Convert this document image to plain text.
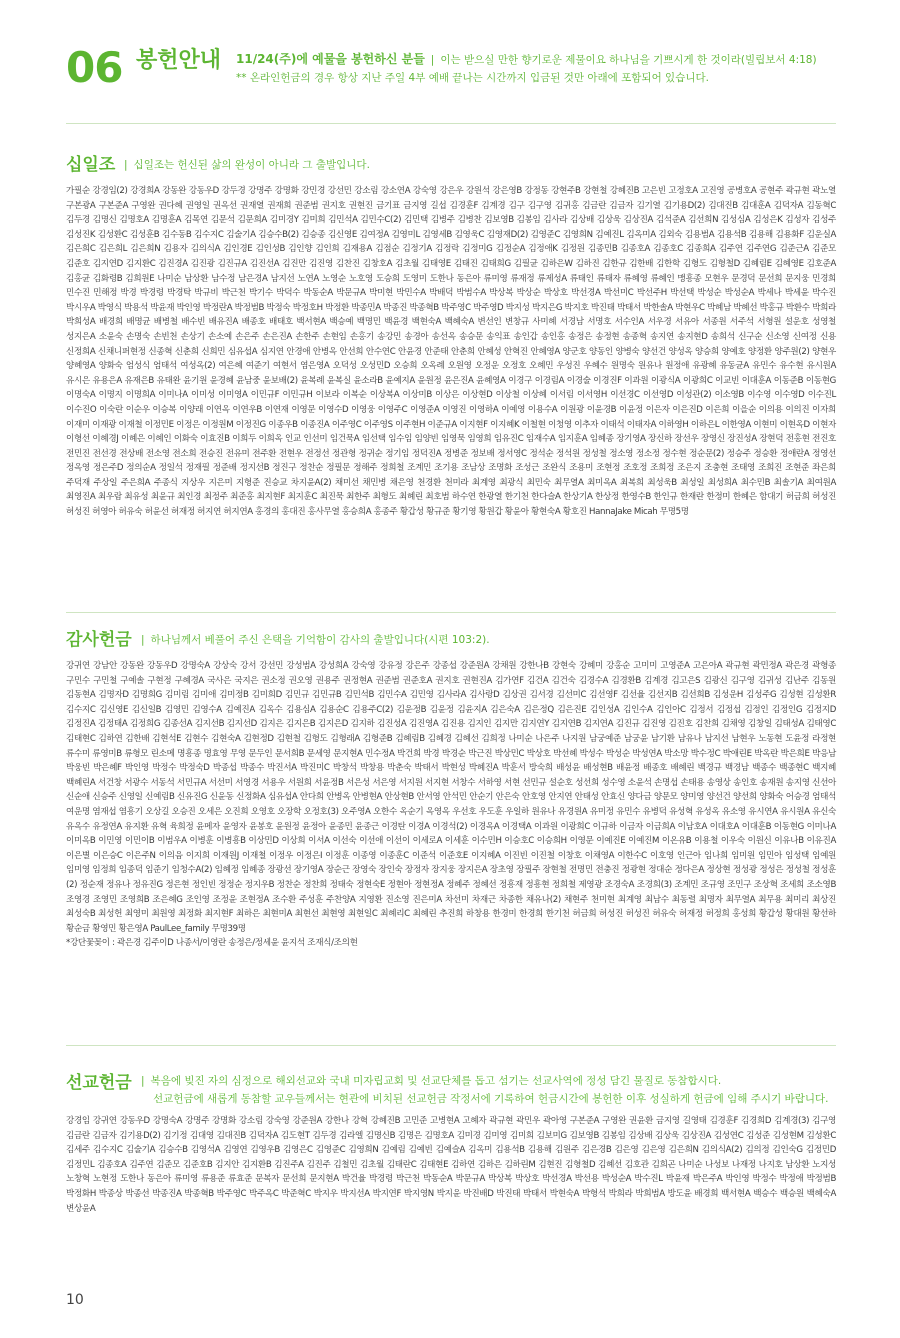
06 봉헌안내 11/24(주)에 예물을 봉헌하신 분들 | 이는 받으실 만한 향기로운 제물이요 하나님을 기쁘시게 한 것이라(빌립보서 4:18)
** 온라인헌금의 경우 항상 지난 주일 4부 예배 끝나는 시간까지 입금된 것만 아래에 포함되어 있습니다.
십일조 | 십일조는 헌신된 삶의 완성이 아니라 그 출발입니다.
가필순 강경임(2) 강경희A 강동완 강동우D 강두경 강명주 강명화 강민경 강선민 강소림 강소연A 강숙영 강은우 강원석 강은영B 강정동 강현주B 강현철 강혜진B 고은빈 고정호A 고진영 공병호A 공현주 곽규현 곽노열 구본광A 구본준A 구영완 권다혜 권영일 권옥선 권재열 권재희 권준범 권지호 권현진 금기표 금지영 길섭 김경훈F 김계경 김구 김구영 김귀홍 김금란 김금자 김기열 김기용D(2) 김대진B 김대훈A 김덕자A 김동혁C 김두경 김명신 김명호A 김명훈A 김목연 김문석 김문희A 김미경Y 김미희 김민석A 김민수C(2) 김민택 김병주 김병찬 김보영B 김봉임 김사라 김상배 김상욱 김상진A 김석준A 김선희N 김성심A 김성은K 김성자 김성주 김성진K 김성환C 김성훈B 김수동B 김수지C 김술기A 김승수B(2) 김승종 김신영E 김여정A 김영미L 김영세B 김영욱C 김영재D(2) 김영준C 김영희N 김예진L 김옥미A 김외숙 김용범A 김용석B 김용해 김용화F 김운실A 김은희C 김은희L 김은희N 김용자 김의식A 김인경E 김인성B 김인향 김인희 김재용A 김점순 김정기A 김정락 김정미G 김정순A 김정애K 김정원 김종민B 김종호A 김종호C 김종희A 김주연 김주연G 김준근A 김준모 김준호 김지연D 김지환C 김진경A 김진광 김진규A 김진선A 김진만 김진영 김찬진 김창호A 김초월 김태영E 김태진 김태희G 김필균 김하은W 김하진 김한규 김한배 김한학 김형도 김형철D 김혜림E 김혜영E 김호준A 김홍균 김화령B 김희원E 나미순 남상환 남수정 남은경A 남지선 노연A 노영순 노호영 도승희 도영미 도한나 동은아 류미영 류재정 류제성A 류태인 류태자 류혜영 류혜인 맹흥종 모현우 문경덕 문선희 문지웅 민경희 민수진 민해정 박경 박경령 박경탁 박규비 박근천 박기수 박덕수 박동순A 박문규A 박미현 박민수A 박배덕 박범수A 박상복 박상순 박상호 박선경A 박선미C 박선주H 박선택 박성순 박성순A 박세나 박세윤 박수진 박시우A 박영식 박용석 박윤재 박인영 박정란A 박정범B 박정숙 박정호H 박정환 박종민A 박종진 박종혁B 박주영C 박주영D 박지성 박지은G 박지호 박진태 박태서 박한솔A 박현우C 박혜남 박혜선 박홍규 박환수 박희라 박희성A 배경희 배명균 배병철 배수빈 배유진A 배종호 배태호 백서현A 백승예 백명민 백윤경 백현숙A 백혜숙A 변선인 변창규 사미혜 서경남 서명호 서수인A 서우경 서유아 서종원 서주석 서형원 설운호 성영철 성지은A 소윤숙 손명숙 손빈천 손상기 손소예 손은주 손은진A 손한주 손현임 손홍기 송강민 송경아 송선옥 송승문 송익표 송인갑 송인홍 송정은 송정현 송종혁 송지연 송지현D 송희석 신구순 신소영 신여정 신용 신정희A 신채니퍼현정 신종혁 신춘희 신희민 심유섭A 심지연 안경애 안병옥 안선희 안수연C 안윤경 안준태 안춘희 안혜성 안혁진 안혜영A 양군호 양동인 양병숙 양선건 양성옥 양승희 양예호 양정환 양주원(2) 양현우 양혜영A 양화숙 엄성식 엄태석 여성옥(2) 여은혜 여준기 여현서 염은영A 오덕성 오성민D 오승희 오옥례 오원영 오정운 오정호 오혜민 우성진 우혜수 원명숙 원유나 원정애 유광혜 유동균A 유민수 유수현 유시원A 유시은 유용은A 유재은B 유태완 윤기원 윤경혜 윤남중 윤보배(2) 윤복례 윤복실 윤소라B 윤예지A 윤원정 윤은진A 윤혜영A 이경구 이경림A 이경술 이경진F 이과원 이광식A 이광희C 이교빈 이대훈A 이동준B 이동현G 이명숙A 이명지 이명희A 이미나A 이미성 이미영A 이민규F 이민규H 이보라 이복순 이상복A 이상미B 이상은 이상현D 이상철 이상혜 이서림 이서영H 이선경C 이선영D 이성관(2) 이소영B 이수영 이수영D 이수진L 이수진O 이숙란 이순우 이승복 이양래 이연옥 이연우B 이연재 이영문 이영수D 이영웅 이영주C 이영준A 이영진 이영하A 이예영 이용수A 이원광 이윤경B 이윤정 이은자 이은진D 이은희 이을순 이의용 이의진 이자희 이재미 이재광 이재철 이정민E 이정은 이정원M 이정진G 이종우B 이종진A 이주영C 이주영S 이주현H 이준규A 이지현F 이지혜K 이철현 이청영 이추자 이태석 이태자A 이하영H 이하은L 이한영A 이현미 이현옥D 이현자 이형선 이혜경J 이혜은 이혜인 이화숙 이효진B 이희두 이희옥 인교 인선미 임건묵A 임선택 임수임 임양빈 임영묵 임영희 임유진C 임재수A 임지훈A 임혜종 장기영A 장신하 장선우 장영신 장진성A 장현덕 전홍현 전진호 전민진 전선경 전상배 전소영 전소희 전승진 전유미 전주환 전현우 전정선 정관형 정귀순 정기임 정덕진A 정병준 정보배 정서영C 정석순 정석원 정성철 정소영 정소정 정수현 정순문(2) 정승주 정승환 정애란A 정영선 정옥영 정은주D 정의순A 정일석 정재필 정준배 정지선B 정진구 정찬순 정필문 정해주 정희철 조계민 조기용 조남상 조명화 조성근 조완식 조용미 조현정 조호정 조희정 조은지 조충현 조태영 조희진 조현준 좌은희 주덕재 주상일 주은희A 주종식 지상우 지은미 지형준 진승교 차지윤A(2) 채미선 채민병 채은영 천경환 천미라 최계영 최광식 최민숙 최무열A 최미옥A 최복희 최성욱B 최성일 최성희A 최수민B 최솔기A 최여원A 최영진A 최우람 최유성 최윤규 최인경 최정주 최준홍 최지현F 최지훈C 최진묵 최한주 최형도 최혜린 최호범 하수연 한광열 한기천 한다슬A 한상기A 한상정 한영수B 한인규 한재란 한정미 한혜은 함대기 허금희 허성진 허성진 허영아 허유숙 허윤선 허재정 허지연 허지연A 홍경의 홍대진 홍사무열 홍승희A 홍종주 황갑성 황규준 황기영 황원갑 황윤아 황현숙A 황호진 HannaJake Micah 무명5명
감사헌금 | 하나님께서 베풀어 주신 은택을 기억함이 감사의 출발입니다(시편 103:2).
강귀연 강남안 강동완 강동우D 강명숙A 강상숙 강서 강선민 강성범A 강성희A 강숙영 강유정 강은주 강종섭 강준원A 강채원 강한나B 강현숙 강혜미 강홍순 고미미 고영준A 고은아A 곽규현 곽민정A 곽은경 곽형종 구민수 구민철 구예솔 구현정 구혜경A 국사은 국지은 권소정 권오영 권용주 권정현A 권준범 권준호A 권지호 권현진A 김가연F 김건A 김건숙 김경수A 김경환B 김계경 김고은S 김광신 김구영 김귀성 김난주 김동원 김동현A 김명자D 김명희G 김미림 김미애 김미정B 김미희D 김민규 김민규B 김민석B 김민수A 김민영 김사라A 김사랑D 김상권 김서경 김선미C 김선영F 김선율 김선지B 김선희B 김성운H 김성주G 김성현 김성환R 김수지C 김신영E 김신일B 김영민 김영수A 김예진A 김옥수 김용심A 김용순C 김용주C(2) 김운정B 김윤정 김윤지A 김은숙A 김은정Q 김은진E 김인성A 김인수A 김인아C 김정서 김정섭 김정인 김정인G 김정지D 김정진A 김정태A 김정희G 김종선A 김지선B 김지선D 김지은 김지은B 김지은D 김지하 김진성A 김진영A 김진용 김지인 김지만 김지연Y 김지연B 김지연A 김진규 김진영 김진호 김찬희 김채영 김창일 김태성A 김태영C 김태현C 김하연 김한배 김현석E 김현수 김현숙A 김현정D 김현철 김형도 김형래A 김형준B 김혜림B 김혜경 김혜선 김희정 나미순 나은주 나지원 남궁예준 남궁윤 남기환 남유나 남지선 남현우 노동현 도윤정 라정현 류수미 류영미B 류형모 린소메 명흥종 명효영 무영 문두인 문서희B 문세영 문지현A 민수정A 박건희 박경 박경순 박근진 박상민C 박상호 박선혜 박성수 박성순 박성연A 박소망 박수정C 박애린E 박옥란 박은희E 박응남 박웅빈 박은혜F 박인영 박정수 박정숙D 박종섭 박종수 박진서A 박진미C 박창석 박창용 박춘숙 박태서 박현성 박혜진A 박훈서 방숙희 배성윤 배성현B 배윤정 배종호 배혜린 백경규 백경남 백종수 백종현C 백지혜 백혜린A 서건창 서광수 서동석 서민규A 서선미 서영경 서용우 서원희 서윤정B 서은성 서은영 서지원 서지현 서창수 서하영 서현 선민규 설순호 성선희 성수영 소윤석 손명섭 손태용 송영상 송인호 송재원 송지영 신선아 신순애 신승주 신영일 신예림B 신유진G 신윤동 신정화A 심유섭A 안다희 안병옥 안병현A 안상현B 안서영 안석민 안순기 안은숙 안호영 안지연 안태성 안효신 양다금 양문모 양미영 양선건 양선희 양화숙 어승경 엄태석 여운명 염재섭 염흥기 오상길 오승진 오세은 오진희 오영호 오장학 오정호(3) 오주영A 오한수 옥순기 옥영옥 우선호 우도훈 우일하 원유나 유경원A 유미정 유민수 유병덕 유성혁 유성옥 유소영 유시연A 유시원A 유신숙 유옥수 유정연A 유지환 유혁 육희정 윤메자 윤영자 윤봉호 윤원정 윤정아 윤종민 윤종근 이경탄 이경A 이경석(2) 이경옥A 이경택A 이과원 이광희C 이규하 이금자 이금희A 이남호A 이대호A 이대훈B 이동현G 이미나A 이미옥B 이민영 이민이B 이범우A 이병훈 이병흥B 이상민D 이상희 이서A 이선숙 이선애 이선이 이세로A 이세훈 이수민H 이승호C 이승희H 이영문 이예진E 이예진M 이온유B 이용철 이우숙 이원신 이유나B 이유진A 이은별 이은승C 이은주N 이의음 이지희 이재원J 이재철 이정우 이정은I 이정훈 이종영 이종훈C 이준석 이준호E 이지혜A 이진빈 이진철 이창호 이채영A 이한수C 이호영 인근아 임나희 임미원 임민아 임성택 임예원 임미영 임정희 임종덕 임준기 임청수A(2) 임혜정 임혜종 장광선 장기영A 장순근 장영숙 장인숙 장정자 장지웅 장지은A 장초영 장필주 장현철 전명민 전충진 정광현 정대순 정다은A 정상현 정성광 정성은 정성철 정성훈(2) 정순재 정유나 정유진G 정은현 정인빈 정정순 정지우B 정찬순 정찬희 정태숙 정현숙E 정현아 정현정A 정혜주 정혜선 정흥재 정흥현 정희철 제영광 조경숙A 조경희(3) 조계민 조규영 조민구 조상혁 조세희 조소영B 조영경 조영민 조영희B 조은혜G 조인영 조정윤 조현정A 조수환 주성훈 주찬양A 지영환 진소영 진은미A 차선미 차재근 차종한 채유나(2) 채현주 천미현 최계영 최남수 최동렬 최명자 최무열A 최무용 최미리 최상진 최성숙B 최성헌 최영미 최원영 최정화 최지현F 최하은 최현미A 최현선 최현영 최현일C 최혜리C 최혜린 추진희 하창용 한경미 한경희 한기천 허금희 허성진 허성진 허유숙 허재정 허정희 홍성희 황갑성 황대원 황선하 황순금 황영민 황은영A PaulLee_family 무명39명
*강단꽃꽂이 : 곽은경 김주이D 나종서/이영란 송정은/정세윤 윤지석 조재식/조의현
선교헌금 | 복음에 빚진 자의 심정으로 해외선교와 국내 미자립교회 및 선교단체를 돕고 섬기는 선교사역에 정성 담긴 물질로 동참합시다.
선교헌금에 새롭게 동참할 교우들께서는 현관에 비치된 선교헌금 작정서에 기록하여 헌금시간에 봉헌한 이후 성실하게 헌금에 임해 주시기 바랍니다.
강경임 강귀연 강동우D 강명숙A 강명주 강명화 강소림 강숙영 강준원A 강한나 강혁 강혜진B 고민준 고병현A 고혜자 곽규현 곽민우 곽아영 구본준A 구영완 권윤환 금지영 길영태 김경훈F 김경희D 김계경(3) 김구영 김금란 김금자 김기용D(2) 김기정 김대영 김대진B 김덕자A 김도현T 김두경 김라엘 김명신B 김명은 김명호A 김미경 김미영 김미희 김보미G 김보영B 김봉임 김상배 김상욱 김상진A 김성연C 김성준 김성현M 김성환C 김세주 김수지C 김술기A 김승수B 김영석A 김영연 김영우B 김영은C 김영준C 김영희N 김예림 김예빈 김예슬A 김옥미 김용석B 김용해 김원주 김은경B 김은영 김은영 김은희N 김의식A(2) 김의정 김인숙G 김정민D 김정민L 김종호A 김주연 김준모 김준호B 김지안 김지환B 김진주A 김진주 김철민 김초월 김태란C 김태현E 김하연 김하은 김하린M 김현진 김형철D 김혜선 김호관 김희곤 나미순 나성보 나재정 나지호 남상환 노지성 노창혁 노현정 도한나 동은아 류미영 류용준 류효준 문복자 문선희 문지현A 박건율 박경령 박근천 박동순A 박문규A 박상복 박상호 박선경A 박선용 박성순A 박수진L 박윤재 박은주A 박인영 박정수 박정애 박정범B 박정화H 박종상 박종선 박종진A 박종혁B 박주영C 박주옥C 박준혁C 박지우 박지선A 박지연F 박지영N 박지윤 박진배D 박진태 박태서 박현숙A 박형석 박희라 박희범A 방도윤 배경희 백서현A 백승수 백승원 백혜숙A 변상윤A
10
